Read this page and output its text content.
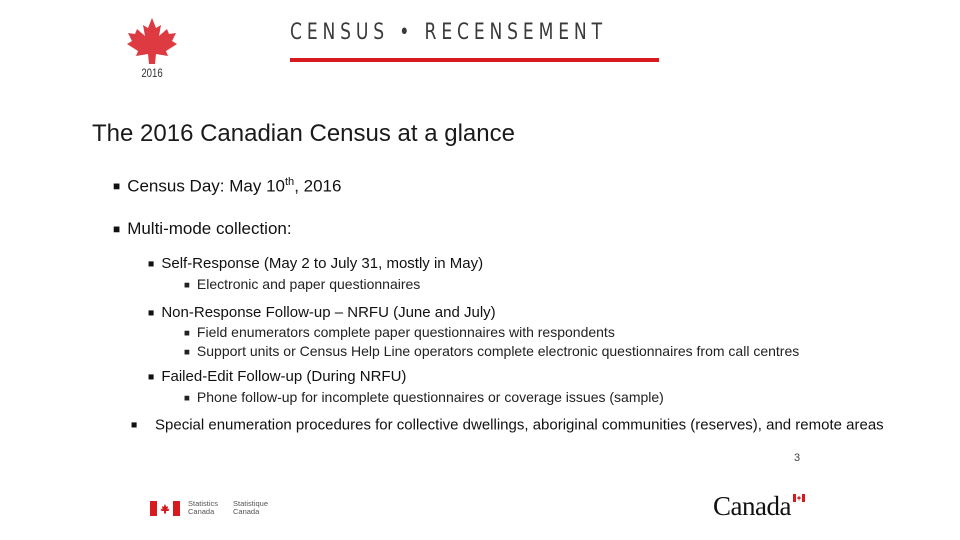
2016
CENSUS • RECENSEMENT
The 2016 Canadian Census at a glance
■ Census Day: May 10th, 2016
■ Multi-mode collection:
■ Self-Response (May 2 to July 31, mostly in May)
■ Electronic and paper questionnaires
■ Non-Response Follow-up – NRFU (June and July)
■ Field enumerators complete paper questionnaires with respondents
■ Support units or Census Help Line operators complete electronic questionnaires from call centres
■ Failed-Edit Follow-up (During NRFU)
■ Phone follow-up for incomplete questionnaires or coverage issues (sample)
■ Special enumeration procedures for collective dwellings, aboriginal communities (reserves), and remote areas
3
Statistics
Canada
Statistique
Canada	Canada
